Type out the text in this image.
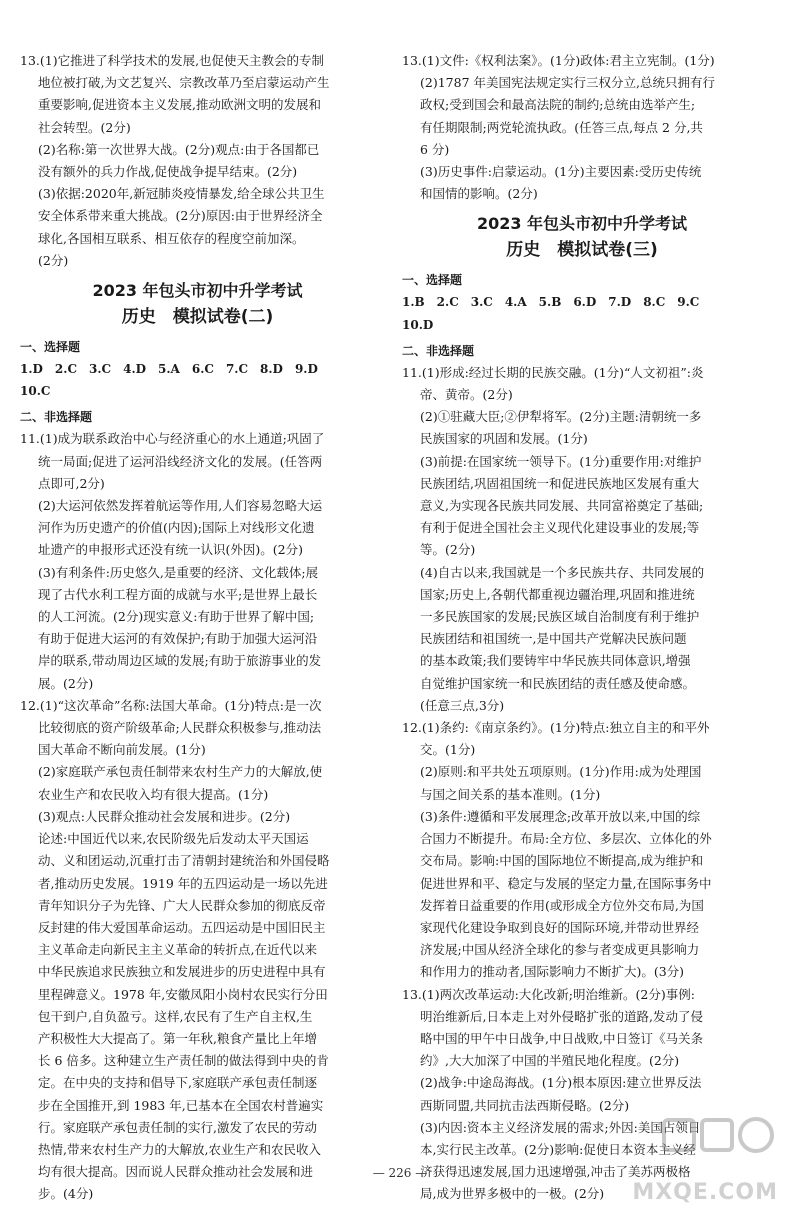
13.(1)它推进了科学技术的发展,也促使天主教会的专制

地位被打破,为文艺复兴、宗教改革乃至启蒙运动产生

重要影响,促进资本主义发展,推动欧洲文明的发展和

社会转型。(2分)

(2)名称:第一次世界大战。(2分)观点:由于各国都已

没有额外的兵力作战,促使战争提早结束。(2分)

(3)依据:2020年,新冠肺炎疫情暴发,给全球公共卫生

安全体系带来重大挑战。(2分)原因:由于世界经济全

球化,各国相互联系、相互依存的程度空前加深。

(2分)

2023 年包头市初中升学考试
历史　模拟试卷(二)
一、选择题

1.D　2.C　3.C　4.D　5.A　6.C　7.C　8.D　9.D

10.C

二、非选择题

11.(1)成为联系政治中心与经济重心的水上通道;巩固了

统一局面;促进了运河沿线经济文化的发展。(任答两

点即可,2分)

(2)大运河依然发挥着航运等作用,人们容易忽略大运

河作为历史遗产的价值(内因);国际上对线形文化遗

址遗产的申报形式还没有统一认识(外因)。(2分)

(3)有利条件:历史悠久,是重要的经济、文化载体;展

现了古代水利工程方面的成就与水平;是世界上最长

的人工河流。(2分)现实意义:有助于世界了解中国;

有助于促进大运河的有效保护;有助于加强大运河沿

岸的联系,带动周边区域的发展;有助于旅游事业的发

展。(2分)

12.(1)“这次革命”名称:法国大革命。(1分)特点:是一次

比较彻底的资产阶级革命;人民群众积极参与,推动法

国大革命不断向前发展。(1分)

(2)家庭联产承包责任制带来农村生产力的大解放,使

农业生产和农民收入均有很大提高。(1分)

(3)观点:人民群众推动社会发展和进步。(2分)

论述:中国近代以来,农民阶级先后发动太平天国运

动、义和团运动,沉重打击了清朝封建统治和外国侵略

者,推动历史发展。1919 年的五四运动是一场以先进

青年知识分子为先锋、广大人民群众参加的彻底反帝

反封建的伟大爱国革命运动。五四运动是中国旧民主

主义革命走向新民主主义革命的转折点,在近代以来

中华民族追求民族独立和发展进步的历史进程中具有

里程碑意义。1978 年,安徽凤阳小岗村农民实行分田

包干到户,自负盈亏。这样,农民有了生产自主权,生

产积极性大大提高了。第一年秋,粮食产量比上年增

长 6 倍多。这种建立生产责任制的做法得到中央的肯

定。在中央的支持和倡导下,家庭联产承包责任制逐

步在全国推开,到 1983 年,已基本在全国农村普遍实

行。家庭联产承包责任制的实行,激发了农民的劳动

热情,带来农村生产力的大解放,农业生产和农民收入

均有很大提高。因而说人民群众推动社会发展和进

步。(4分)

13.(1)文件:《权利法案》。(1分)政体:君主立宪制。(1分)

(2)1787 年美国宪法规定实行三权分立,总统只拥有行

政权;受到国会和最高法院的制约;总统由选举产生;

有任期限制;两党轮流执政。(任答三点,每点 2 分,共

6 分)

(3)历史事件:启蒙运动。(1分)主要因素:受历史传统

和国情的影响。(2分)

2023 年包头市初中升学考试
历史　模拟试卷(三)
一、选择题

1.B　2.C　3.C　4.A　5.B　6.D　7.D　8.C　9.C

10.D

二、非选择题

11.(1)形成:经过长期的民族交融。(1分)“人文初祖”:炎

帝、黄帝。(2分)

(2)①驻藏大臣;②伊犁将军。(2分)主题:清朝统一多

民族国家的巩固和发展。(1分)

(3)前提:在国家统一领导下。(1分)重要作用:对维护

民族团结,巩固祖国统一和促进民族地区发展有重大

意义,为实现各民族共同发展、共同富裕奠定了基础;

有利于促进全国社会主义现代化建设事业的发展;等

等。(2分)

(4)自古以来,我国就是一个多民族共存、共同发展的

国家;历史上,各朝代都重视边疆治理,巩固和推进统

一多民族国家的发展;民族区域自治制度有利于维护

民族团结和祖国统一,是中国共产党解决民族问题

的基本政策;我们要铸牢中华民族共同体意识,增强

自觉维护国家统一和民族团结的责任感及使命感。

(任意三点,3分)

12.(1)条约:《南京条约》。(1分)特点:独立自主的和平外

交。(1分)

(2)原则:和平共处五项原则。(1分)作用:成为处理国

与国之间关系的基本准则。(1分)

(3)条件:遵循和平发展理念;改革开放以来,中国的综

合国力不断提升。布局:全方位、多层次、立体化的外

交布局。影响:中国的国际地位不断提高,成为维护和

促进世界和平、稳定与发展的坚定力量,在国际事务中

发挥着日益重要的作用(或形成全方位外交布局,为国

家现代化建设争取到良好的国际环境,并带动世界经

济发展;中国从经济全球化的参与者变成更具影响力

和作用力的推动者,国际影响力不断扩大)。(3分)

13.(1)两次改革运动:大化改新;明治维新。(2分)事例:

明治维新后,日本走上对外侵略扩张的道路,发动了侵

略中国的甲午中日战争,中日战败,中日签订《马关条

约》,大大加深了中国的半殖民地化程度。(2分)

(2)战争:中途岛海战。(1分)根本原因:建立世界反法

西斯同盟,共同抗击法西斯侵略。(2分)

(3)内因:资本主义经济发展的需求;外因:美国占领日

本,实行民主改革。(2分)影响:促使日本资本主义经

济获得迅速发展,国力迅速增强,冲击了美苏两极格

局,成为世界多极中的一极。(2分)

— 226 —
MXQE.COM
